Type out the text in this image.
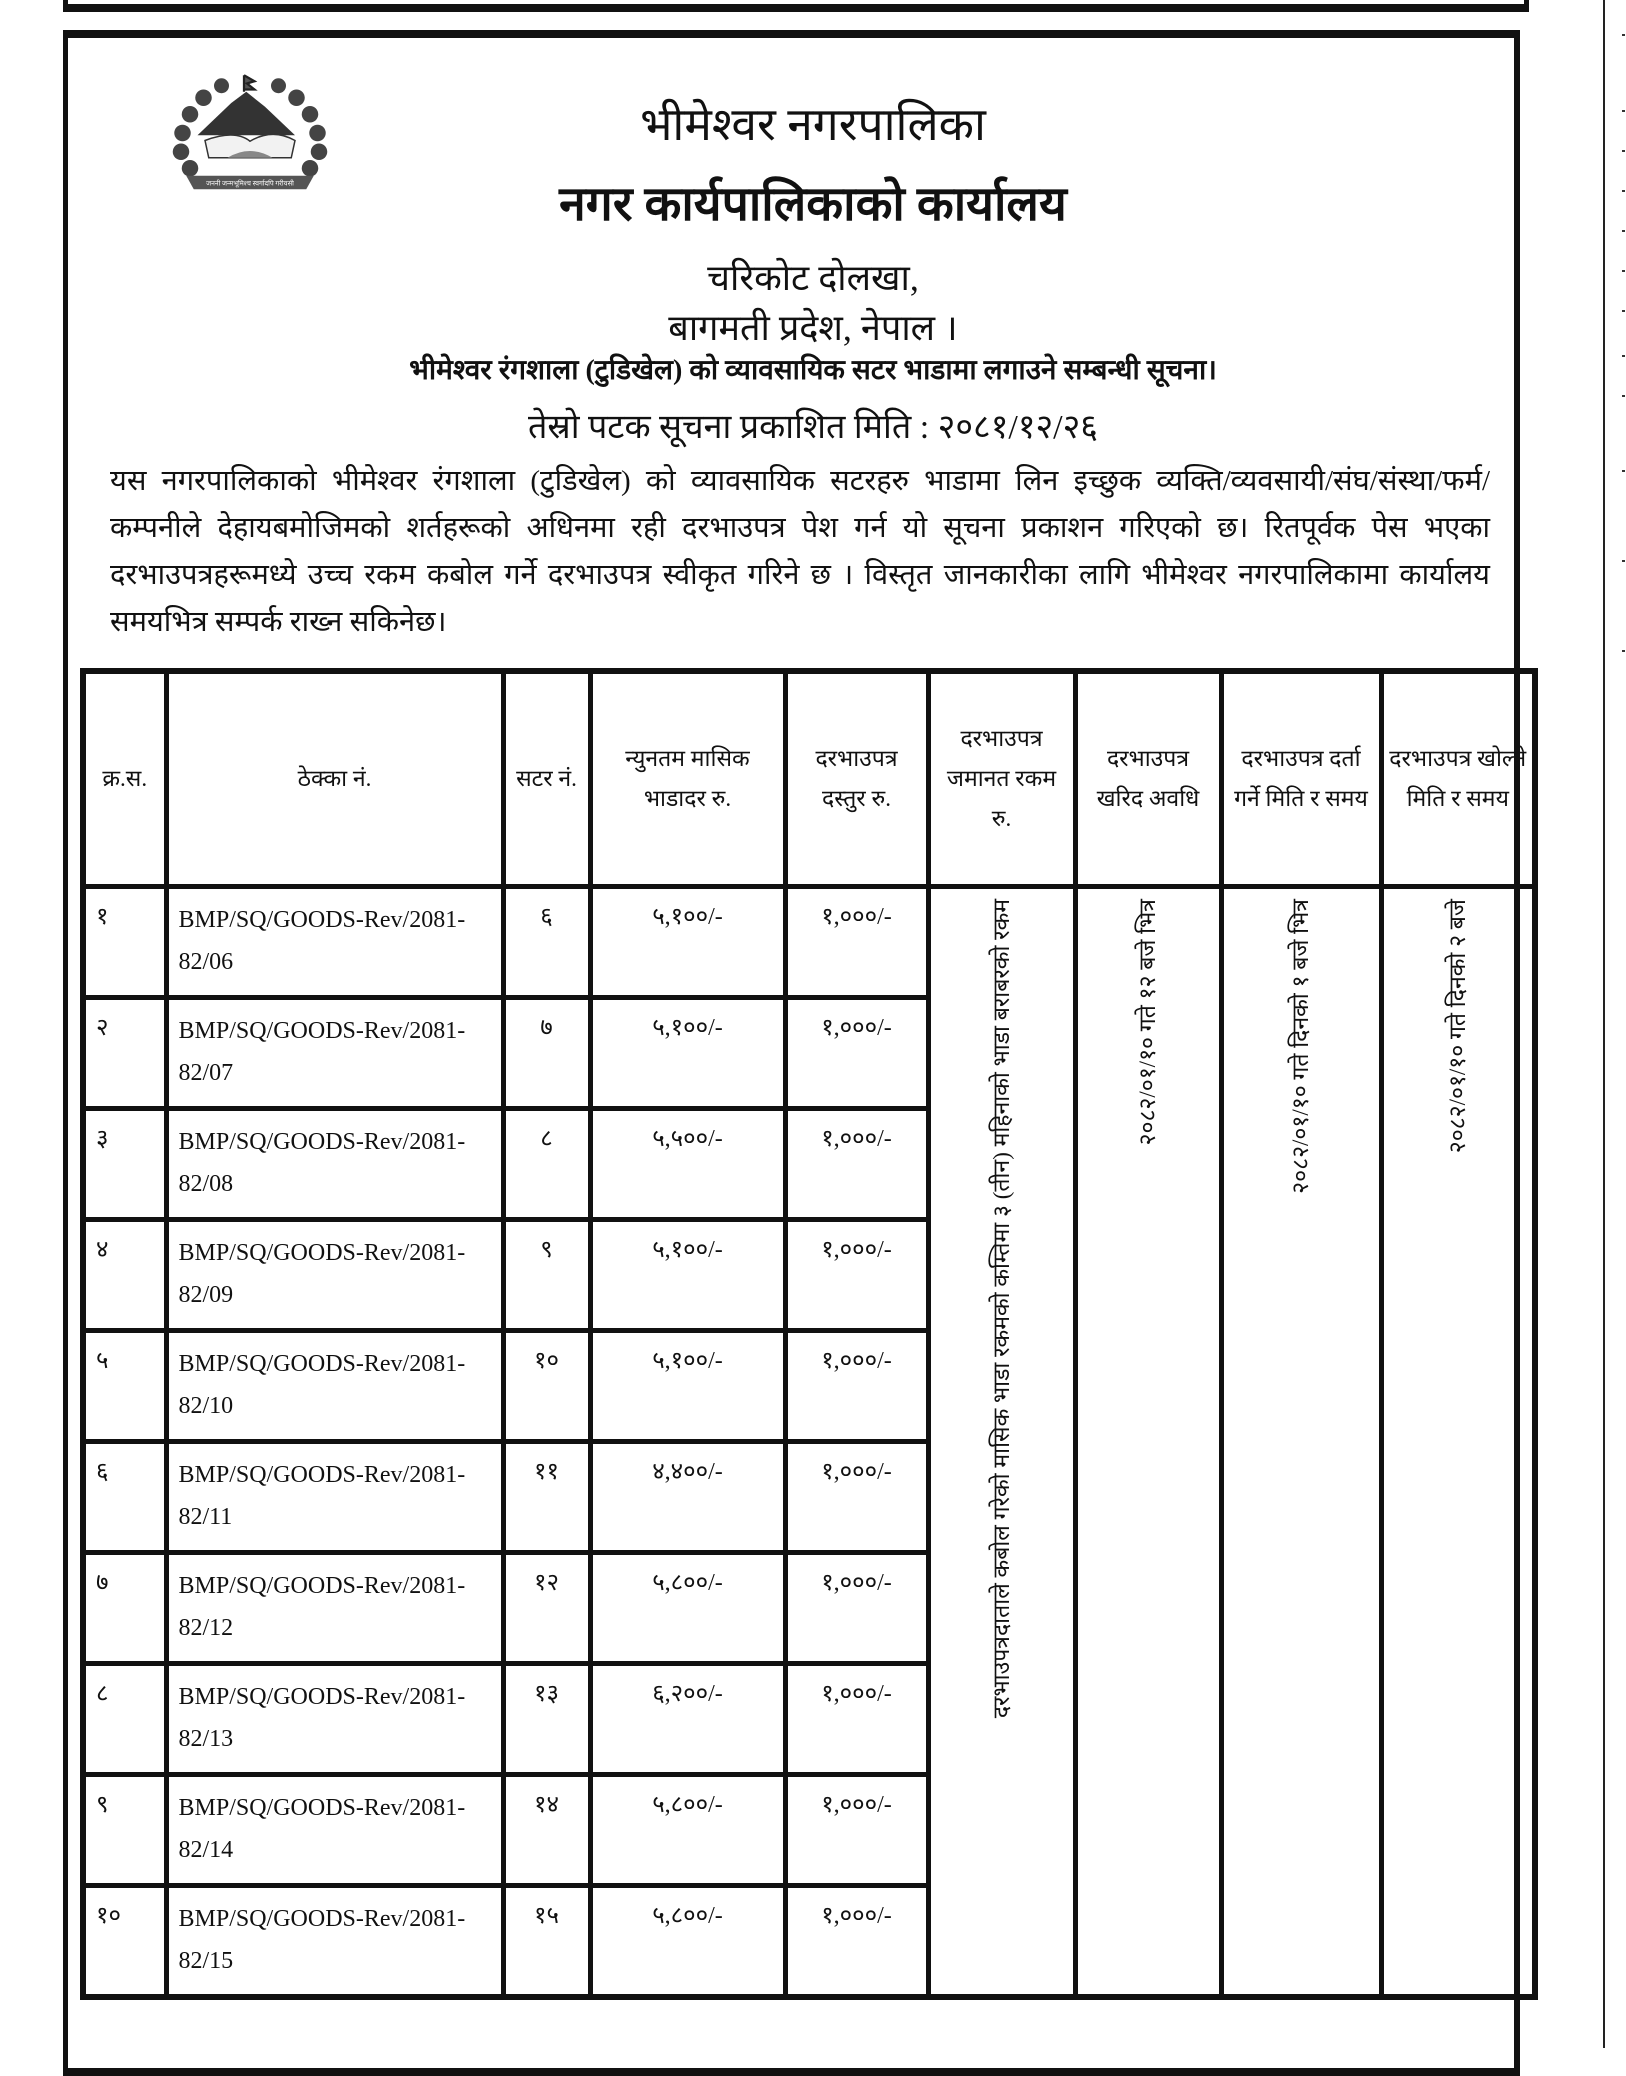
जननी जन्मभूमिश्च स्वर्गादपि गरीयसी
भीमेश्वर नगरपालिका
नगर कार्यपालिकाको कार्यालय
चरिकोट दोलखा,
बागमती प्रदेश, नेपाल ।
भीमेश्वर रंगशाला (टुडिखेल) को व्यावसायिक सटर भाडामा लगाउने सम्बन्धी सूचना।
तेस्रो पटक सूचना प्रकाशित मिति : २०८१/१२/२६
यस नगरपालिकाको भीमेश्वर रंगशाला (टुडिखेल) को व्यावसायिक सटरहरु भाडामा लिन इच्छुक व्यक्ति/व्यवसायी/संघ/संस्था/फर्म/कम्पनीले देहायबमोजिमको शर्तहरूको अधिनमा रही दरभाउपत्र पेश गर्न यो सूचना प्रकाशन गरिएको छ। रितपूर्वक पेस भएका दरभाउपत्रहरूमध्ये उच्च रकम कबोल गर्ने दरभाउपत्र स्वीकृत गरिने छ । विस्तृत जानकारीका लागि भीमेश्वर नगरपालिकामा कार्यालय समयभित्र सम्पर्क राख्न सकिनेछ।
क्र.स.	ठेक्का नं.	सटर नं.	न्युनतम मासिक भाडादर रु.	दरभाउपत्र दस्तुर रु.	दरभाउपत्र जमानत रकम रु.	दरभाउपत्र खरिद अवधि	दरभाउपत्र दर्ता गर्ने मिति र समय	दरभाउपत्र खोल्ने मिति र समय
१	BMP/SQ/GOODS-Rev/2081-82/06	६	५,१००/-	१,०००/-	दरभाउपत्रदाताले कबोल गरेको मासिक भाडा रकमको कम्तिमा ३ (तीन) महिनाको भाडा बराबरको रकम	२०८२/०१/१० गते १२ बजे भित्र	२०८२/०१/१० गते दिनको १ बजे भित्र	२०८२/०१/१० गते दिनको २ बजे
२	BMP/SQ/GOODS-Rev/2081-82/07	७	५,१००/-	१,०००/-				
३	BMP/SQ/GOODS-Rev/2081-82/08	८	५,५००/-	१,०००/-				
४	BMP/SQ/GOODS-Rev/2081-82/09	९	५,१००/-	१,०००/-				
५	BMP/SQ/GOODS-Rev/2081-82/10	१०	५,१००/-	१,०००/-				
६	BMP/SQ/GOODS-Rev/2081-82/11	११	४,४००/-	१,०००/-				
७	BMP/SQ/GOODS-Rev/2081-82/12	१२	५,८००/-	१,०००/-				
८	BMP/SQ/GOODS-Rev/2081-82/13	१३	६,२००/-	१,०००/-				
९	BMP/SQ/GOODS-Rev/2081-82/14	१४	५,८००/-	१,०००/-				
१०	BMP/SQ/GOODS-Rev/2081-82/15	१५	५,८००/-	१,०००/-				
